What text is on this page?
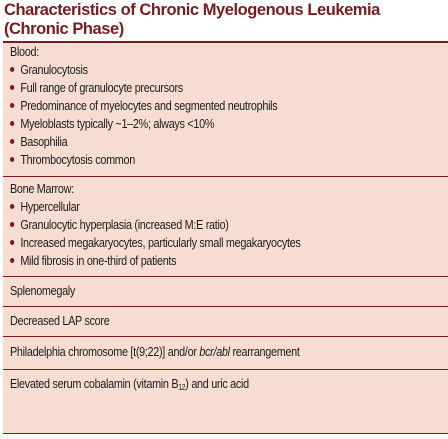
Characteristics of Chronic Myelogenous Leukemia
(Chronic Phase)
Blood:
Granulocytosis
Full range of granulocyte precursors
Predominance of myelocytes and segmented neutrophils
Myeloblasts typically ~1–2%; always <10%
Basophilia
Thrombocytosis common
Bone Marrow:
Hypercellular
Granulocytic hyperplasia (increased M:E ratio)
Increased megakaryocytes, particularly small megakaryocytes
Mild fibrosis in one-third of patients
Splenomegaly
Decreased LAP score
Philadelphia chromosome [t(9;22)] and/or bcr/abl rearrangement
Elevated serum cobalamin (vitamin $B_{12}$) and uric acid
